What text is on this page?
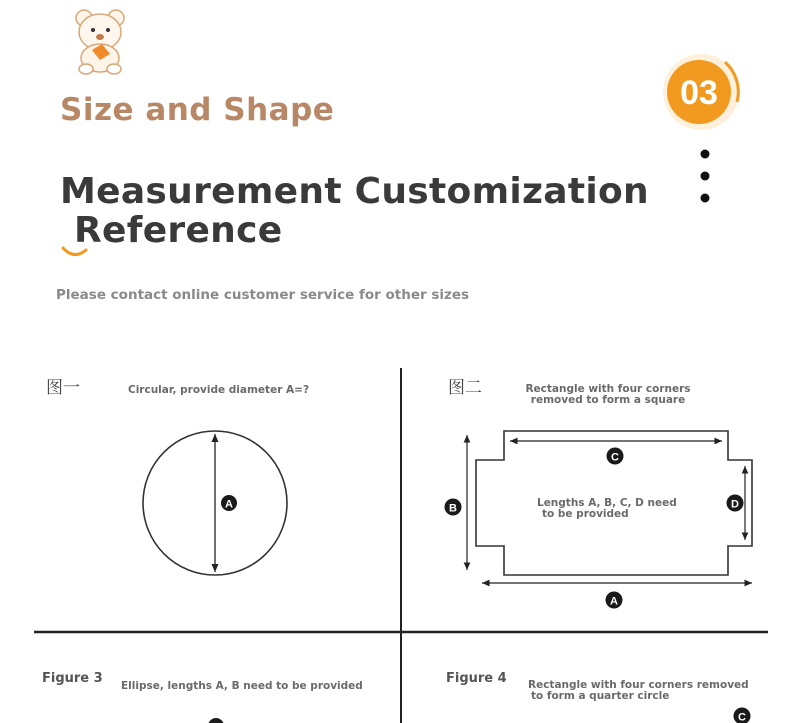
03
Size and Shape
Measurement Customization
Reference
Please contact online customer service for other sizes
A
C
B	D
A
C
图一	Circular, provide diameter A=?	图二	Rectangle with four corners
removed to form a square
Lengths A, B, C, D need
to be provided
Figure 3 Ellipse, lengths A, B need to be provided	Figure 4 Rectangle with four corners removed
to form a quarter circle
